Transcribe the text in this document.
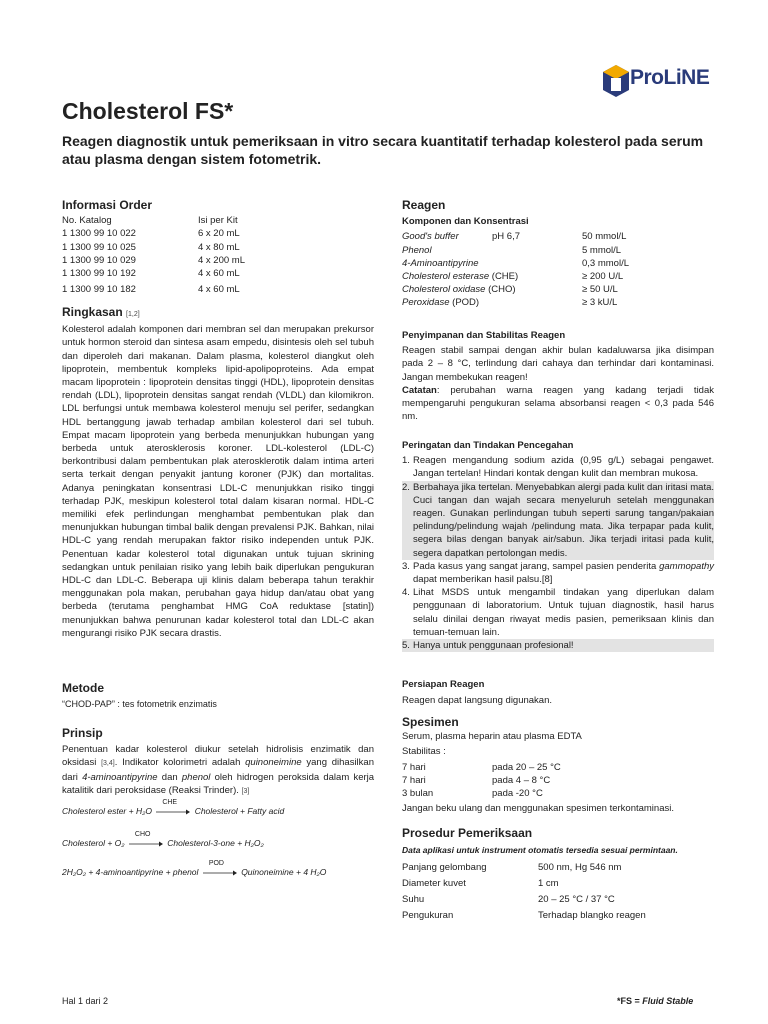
ProLiNE
Cholesterol FS*

Reagen diagnostik untuk pemeriksaan in vitro secara kuantitatif terhadap kolesterol pada serum atau plasma dengan sistem fotometrik.

Informasi Order

No. Katalog	Isi per Kit
1 1300 99 10 022	6 x 20 mL
1 1300 99 10 025	4 x 80 mL
1 1300 99 10 029	4 x 200 mL
1 1300 99 10 192	4 x 60 mL
1 1300 99 10 182	4 x 60 mL

Ringkasan [1,2]

Kolesterol adalah komponen dari membran sel dan merupakan prekursor untuk hormon steroid dan sintesa asam empedu, disintesis oleh sel tubuh dan diperoleh dari makanan. Dalam plasma, kolesterol diangkut oleh lipoprotein, membentuk kompleks lipid-apolipoproteins. Ada empat macam lipoprotein : lipoprotein densitas tinggi (HDL), lipoprotein densitas rendah (LDL), lipoprotein densitas sangat rendah (VLDL) dan kilomikron. LDL berfungsi untuk membawa kolesterol menuju sel perifer, sedangkan HDL bertanggung jawab terhadap ambilan kolesterol dari sel tubuh. Empat macam lipoprotein yang berbeda menunjukkan hubungan yang berbeda untuk aterosklerosis koroner. LDL-kolesterol (LDL-C) berkontribusi dalam pembentukan plak aterosklerotik dalam intima arteri serta terkait dengan penyakit jantung koroner (PJK) dan mortalitas. Adanya peningkatan konsentrasi LDL-C menunjukkan risiko tinggi terhadap PJK, meskipun kolesterol total dalam kisaran normal. HDL-C memiliki efek perlindungan menghambat pembentukan plak dan menunjukkan hubungan timbal balik dengan prevalensi PJK. Bahkan, nilai HDL-C yang rendah merupakan faktor risiko independen untuk PJK. Penentuan kadar kolesterol total digunakan untuk tujuan skrining sedangkan untuk penilaian risiko yang lebih baik diperlukan pengukuran HDL-C dan LDL-C. Beberapa uji klinis dalam beberapa tahun terakhir menggunakan pola makan, perubahan gaya hidup dan/atau obat yang berbeda (terutama penghambat HMG CoA reduktase [statin]) menunjukkan bahwa penurunan kadar kolesterol total dan LDL-C akan mengurangi risiko PJK secara drastis.

Metode

“CHOD-PAP” : tes fotometrik enzimatis

Prinsip

Penentuan kadar kolesterol diukur setelah hidrolisis enzimatik dan oksidasi [3,4]. Indikator kolorimetri adalah quinoneimine yang dihasilkan dari 4-aminoantipyrine dan phenol oleh hidrogen peroksida dalam kerja katalitik dari peroksidase (Reaksi Trinder). [3]

Cholesterol ester + H₂O
CHE
Cholesterol + Fatty acid
Cholesterol + O₂
CHO
Cholesterol-3-one + H₂O₂
2H₂O₂ + 4-aminoantipyrine + phenol
POD
Quinoneimine + 4 H₂O

Reagen

Komponen dan Konsentrasi

Good's buffer	pH 6,7	50 mmol/L
Phenol	5 mmol/L
4-Aminoantipyrine	0,3 mmol/L
Cholesterol esterase (CHE)	≥ 200 U/L
Cholesterol oxidase (CHO)	≥ 50 U/L
Peroxidase (POD)	≥ 3 kU/L

Penyimpanan dan Stabilitas Reagen

Reagen stabil sampai dengan akhir bulan kadaluwarsa jika disimpan pada 2 – 8 °C, terlindung dari cahaya dan terhindar dari kontaminasi. Jangan membekukan reagen!

Catatan: perubahan warna reagen yang kadang terjadi tidak mempengaruhi pengukuran selama absorbansi reagen < 0,3 pada 546 nm.

Peringatan dan Tindakan Pencegahan

1. Reagen mengandung sodium azida (0,95 g/L) sebagai pengawet. Jangan tertelan! Hindari kontak dengan kulit dan membran mukosa.
2. Berbahaya jika tertelan. Menyebabkan alergi pada kulit dan iritasi mata. Cuci tangan dan wajah secara menyeluruh setelah menggunakan reagen. Gunakan perlindungan tubuh seperti sarung tangan/pakaian pelindung/pelindung wajah /pelindung mata. Jika terpapar pada kulit, segera bilas dengan banyak air/sabun. Jika terjadi iritasi pada kulit, segera dapatkan pertolongan medis.
3. Pada kasus yang sangat jarang, sampel pasien penderita gammopathy dapat memberikan hasil palsu.[8]
4. Lihat MSDS untuk mengambil tindakan yang diperlukan dalam penggunaan di laboratorium. Untuk tujuan diagnostik, hasil harus selalu dinilai dengan riwayat medis pasien, pemeriksaan klinis dan temuan-temuan lain.
5. Hanya untuk penggunaan profesional!

Persiapan Reagen

Reagen dapat langsung digunakan.

Spesimen

Serum, plasma heparin atau plasma EDTA

Stabilitas :

7 hari	pada 20 – 25 °C
7 hari	pada 4 – 8 °C
3 bulan	pada -20 °C

Jangan beku ulang dan menggunakan spesimen terkontaminasi.

Prosedur Pemeriksaan

Data aplikasi untuk instrument otomatis tersedia sesuai permintaan.

Panjang gelombang	500 nm, Hg 546 nm
Diameter kuvet	1 cm
Suhu	20 – 25 °C / 37 °C
Pengukuran	Terhadap blangko reagen
Hal 1 dari 2	*FS = Fluid Stable
